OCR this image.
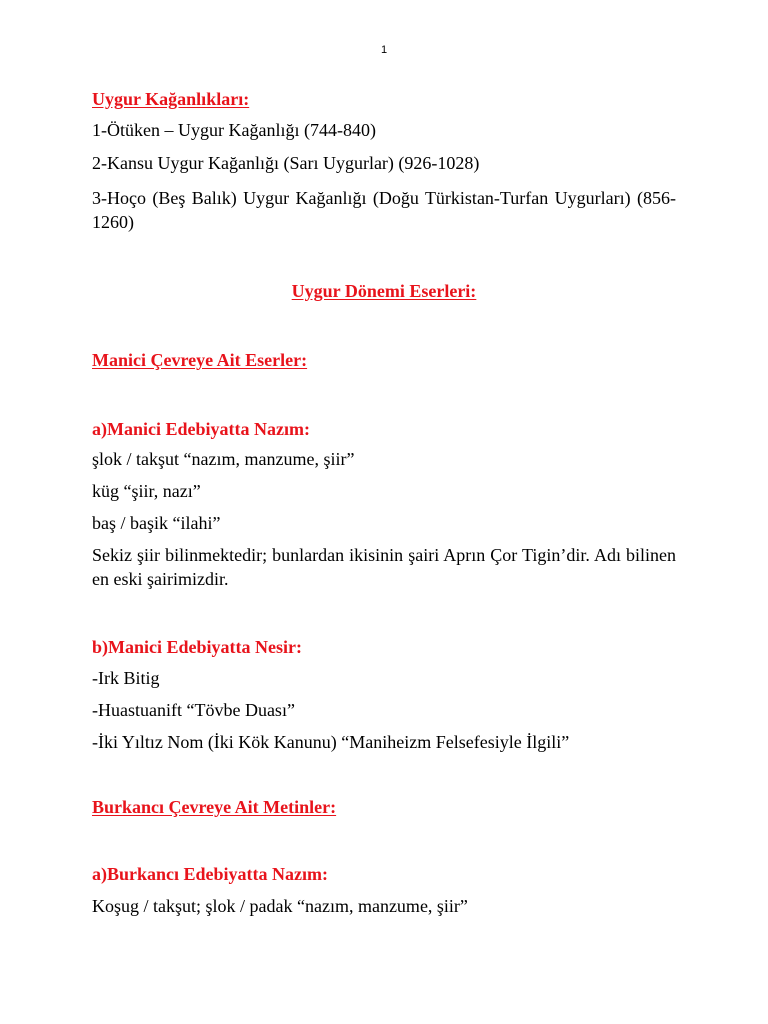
1

Uygur Kağanlıkları:

1-Ötüken – Uygur Kağanlığı (744-840)

2-Kansu Uygur Kağanlığı (Sarı Uygurlar) (926-1028)

3-Hoço (Beş Balık) Uygur Kağanlığı (Doğu Türkistan-Turfan Uygurları) (856-1260)

Uygur Dönemi Eserleri:

Manici Çevreye Ait Eserler:

a)Manici Edebiyatta Nazım:

şlok / takşut “nazım, manzume, şiir”

küg “şiir, nazı”

baş / başik “ilahi”

Sekiz şiir bilinmektedir; bunlardan ikisinin şairi Aprın Çor Tigin’dir. Adı bilinen en eski şairimizdir.

b)Manici Edebiyatta Nesir:

-Irk Bitig

-Huastuanift “Tövbe Duası”

-İki Yıltız Nom (İki Kök Kanunu) “Maniheizm Felsefesiyle İlgili”

Burkancı Çevreye Ait Metinler:

a)Burkancı Edebiyatta Nazım:

Koşug / takşut; şlok / padak “nazım, manzume, şiir”
